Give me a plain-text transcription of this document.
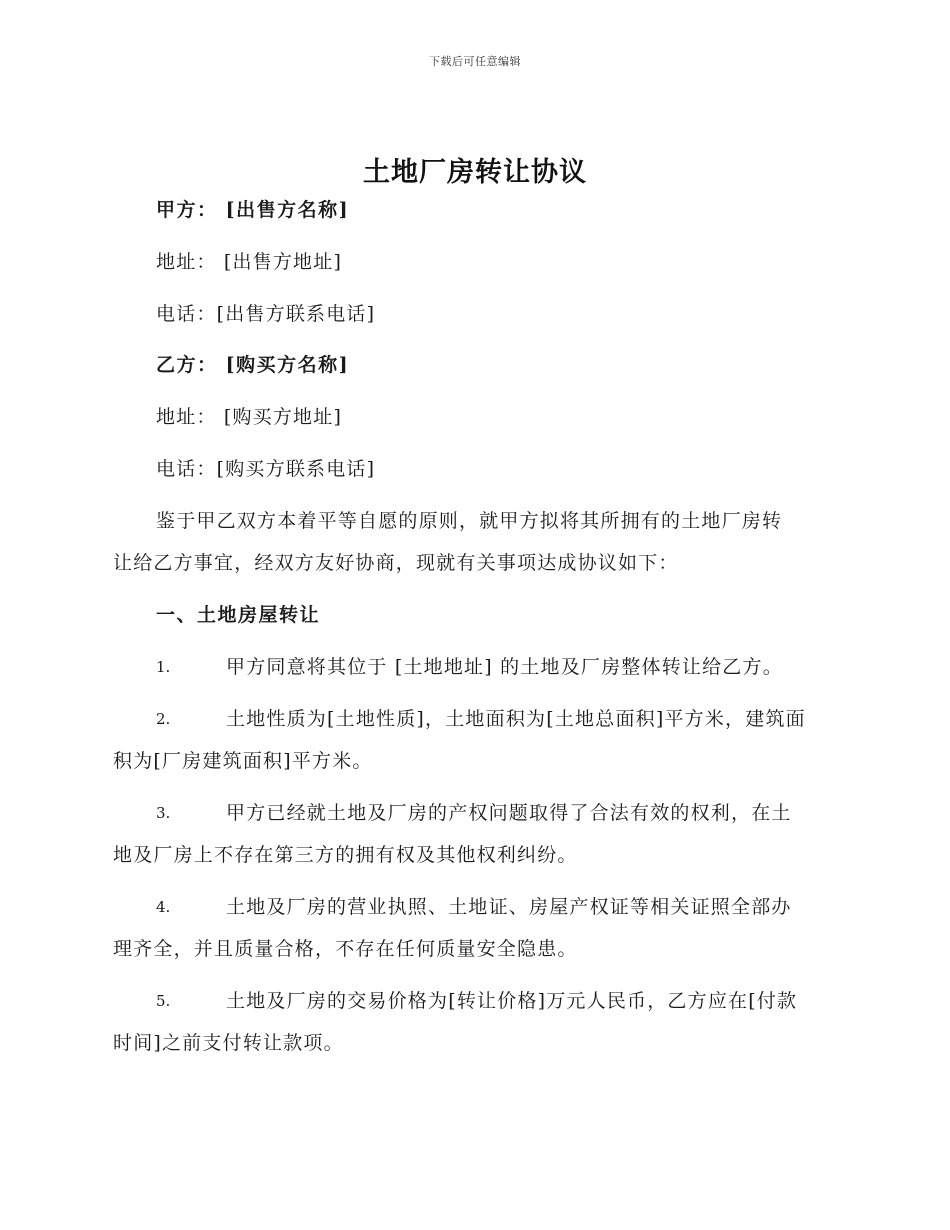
下载后可任意编辑
土地厂房转让协议
甲方： [出售方名称]
地址： [出售方地址]
电话：[出售方联系电话]
乙方： [购买方名称]
地址： [购买方地址]
电话：[购买方联系电话]
鉴于甲乙双方本着平等自愿的原则，就甲方拟将其所拥有的土地厂房转
让给乙方事宜，经双方友好协商，现就有关事项达成协议如下：
一、土地房屋转让
1.	甲方同意将其位于 [土地地址] 的土地及厂房整体转让给乙方。
2.	土地性质为[土地性质]，土地面积为[土地总面积]平方米，建筑面
积为[厂房建筑面积]平方米。
3.	甲方已经就土地及厂房的产权问题取得了合法有效的权利，在土
地及厂房上不存在第三方的拥有权及其他权利纠纷。
4.	土地及厂房的营业执照、土地证、房屋产权证等相关证照全部办
理齐全，并且质量合格，不存在任何质量安全隐患。
5.	土地及厂房的交易价格为[转让价格]万元人民币，乙方应在[付款
时间]之前支付转让款项。
